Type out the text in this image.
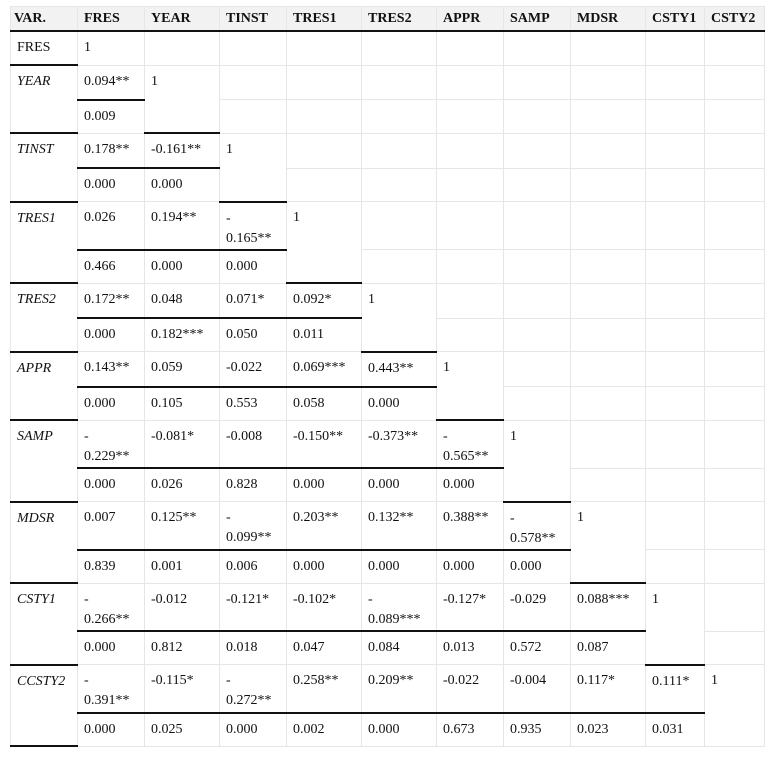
VAR.	FRES	YEAR	TINST	TRES1	TRES2	APPR	SAMP	MDSR	CSTY1	CSTY2
FRES	1									
YEAR	0.094**	1								
	0.009									
TINST	0.178**	-0.161**	1							
	0.000	0.000								
TRES1	0.026	0.194**	-
0.165**	1						
	0.466	0.000	0.000							
TRES2	0.172**	0.048	0.071*	0.092*	1					
	0.000	0.182***	0.050	0.011						
APPR	0.143**	0.059	-0.022	0.069***	0.443**	1				
	0.000	0.105	0.553	0.058	0.000					
SAMP	-
0.229**	-0.081*	-0.008	-0.150**	-0.373**	-
0.565**	1			
	0.000	0.026	0.828	0.000	0.000	0.000				
MDSR	0.007	0.125**	-
0.099**	0.203**	0.132**	0.388**	-
0.578**	1		
	0.839	0.001	0.006	0.000	0.000	0.000	0.000			
CSTY1	-
0.266**	-0.012	-0.121*	-0.102*	-
0.089***	-0.127*	-0.029	0.088***	1	
	0.000	0.812	0.018	0.047	0.084	0.013	0.572	0.087		
CCSTY2	-
0.391**	-0.115*	-
0.272**	0.258**	0.209**	-0.022	-0.004	0.117*	0.111*	1
	0.000	0.025	0.000	0.002	0.000	0.673	0.935	0.023	0.031	
